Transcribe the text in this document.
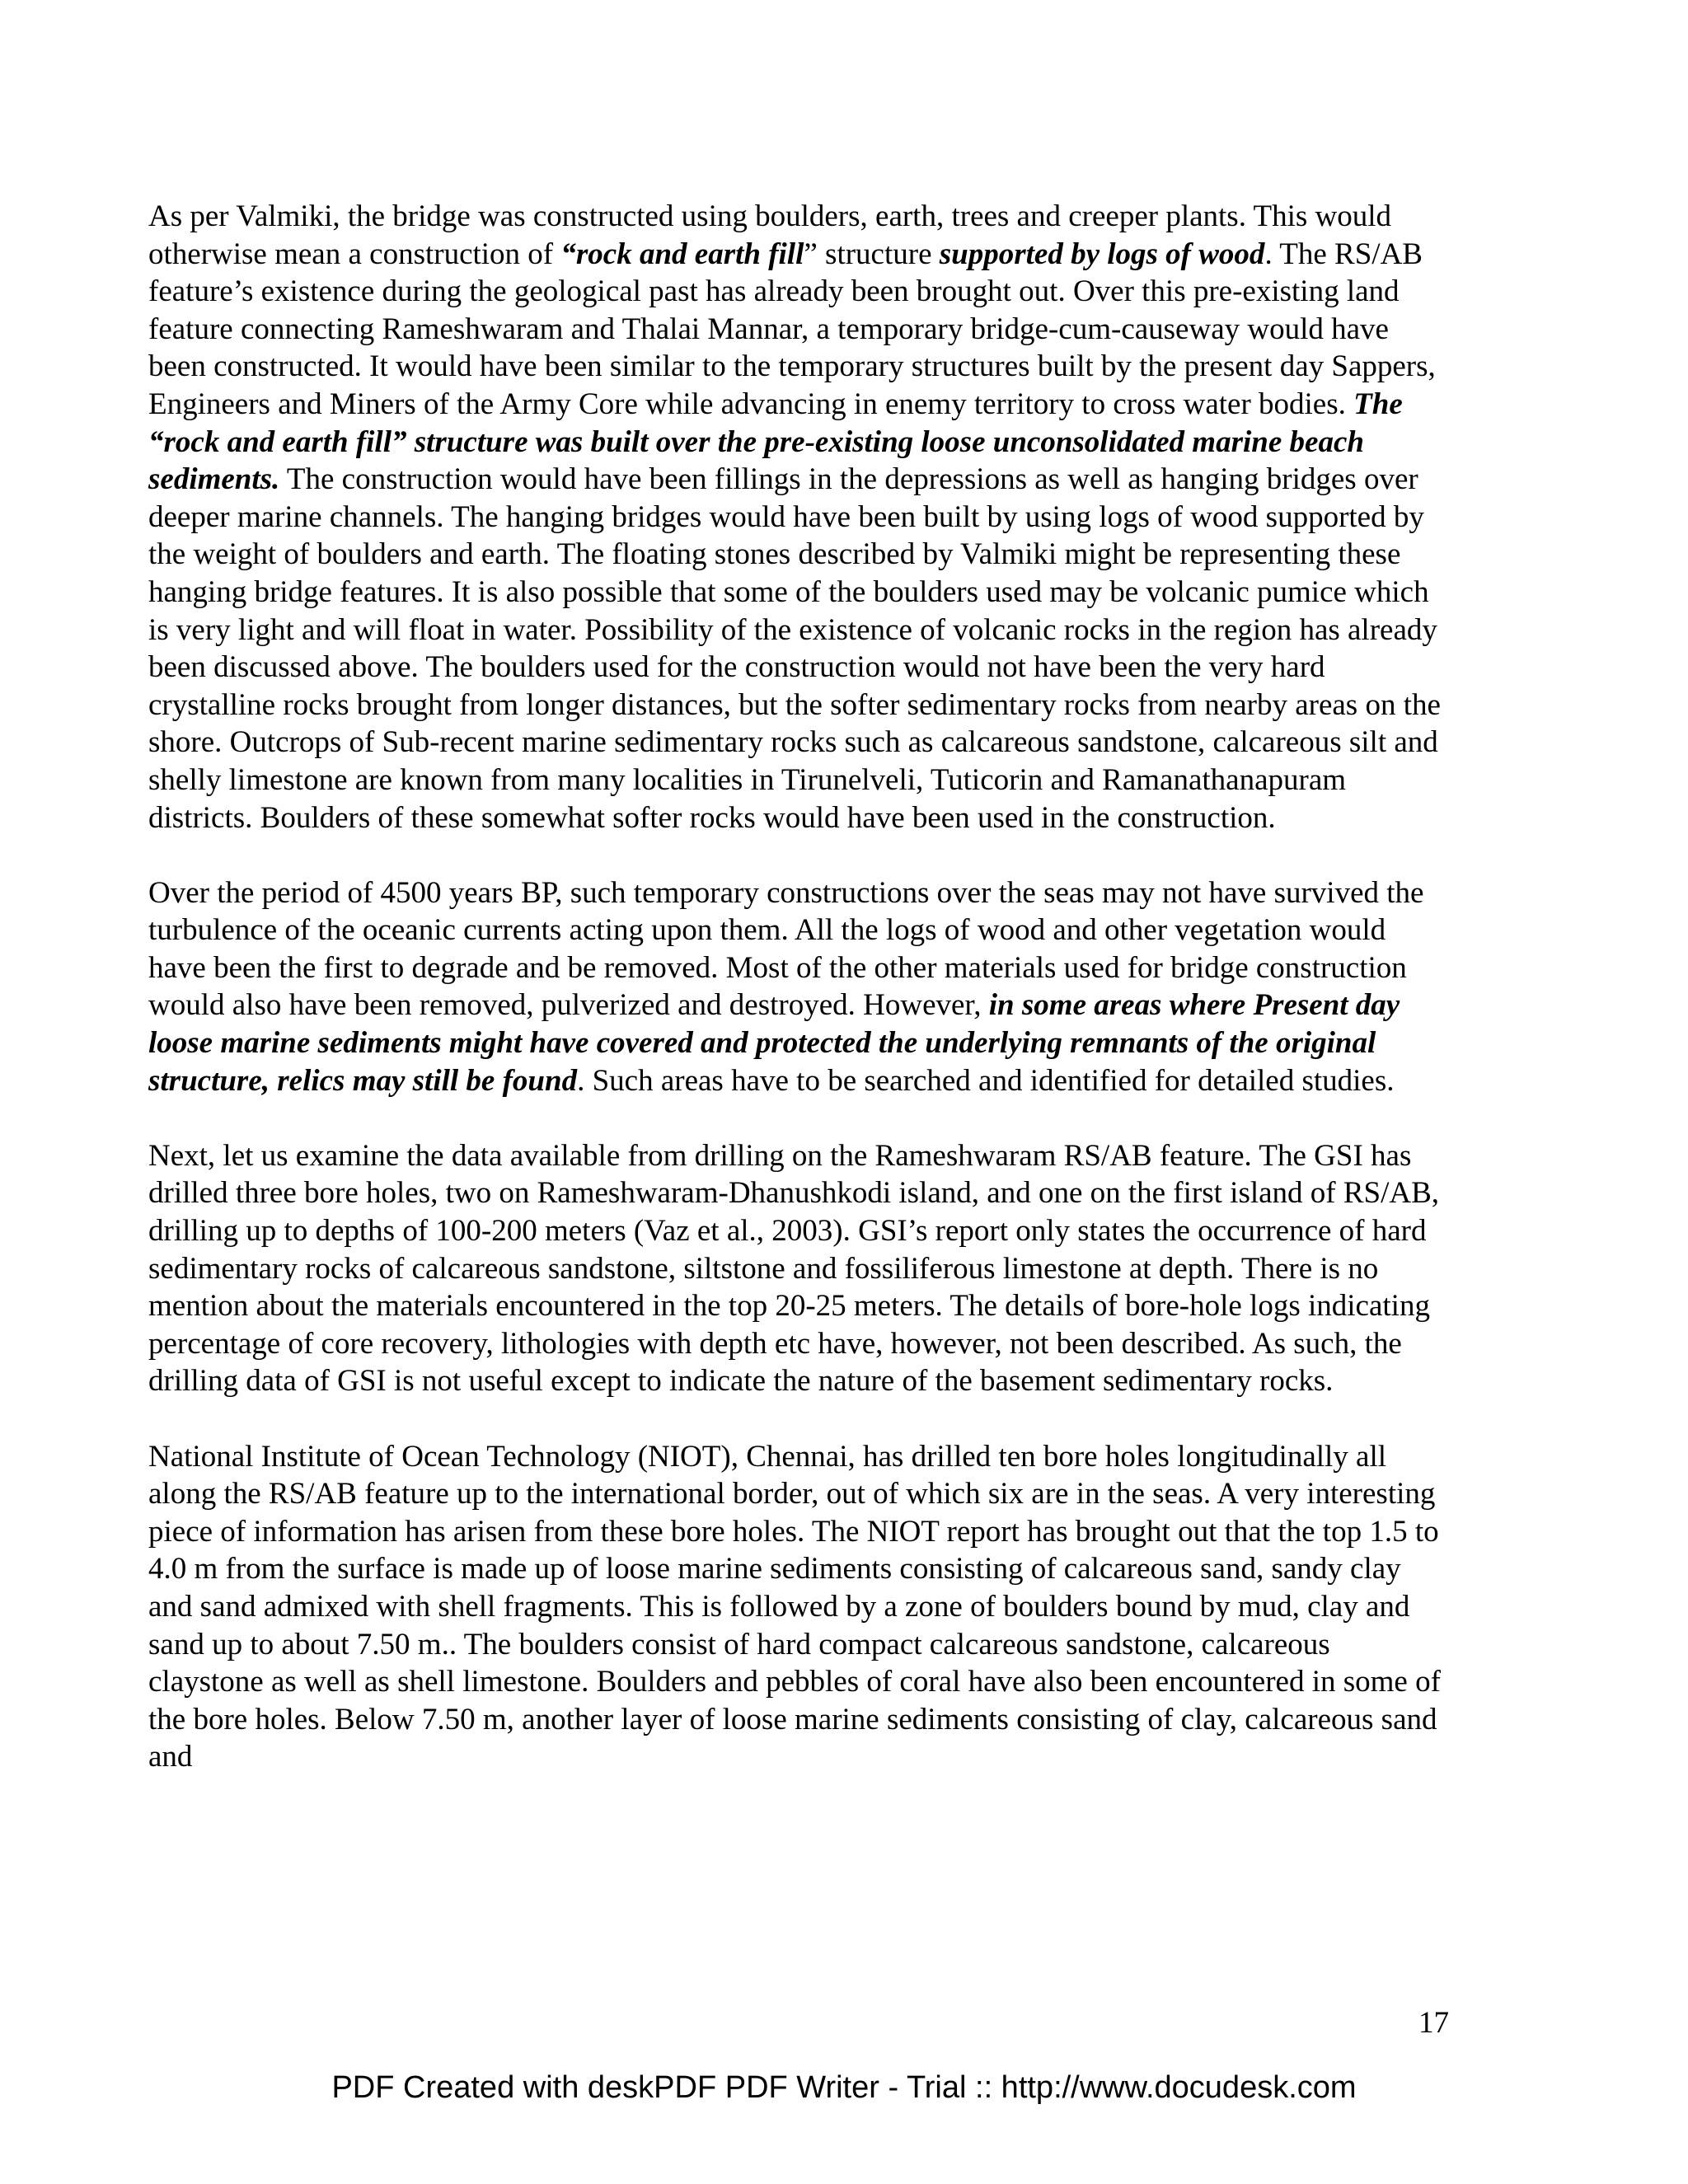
As per Valmiki, the bridge was constructed using boulders, earth, trees and creeper plants. This would otherwise mean a construction of “rock and earth fill” structure supported by logs of wood. The RS/AB feature’s existence during the geological past has already been brought out. Over this pre-existing land feature connecting Rameshwaram and Thalai Mannar, a temporary bridge-cum-causeway would have been constructed. It would have been similar to the temporary structures built by the present day Sappers, Engineers and Miners of the Army Core while advancing in enemy territory to cross water bodies. The “rock and earth fill” structure was built over the pre-existing loose unconsolidated marine beach sediments. The construction would have been fillings in the depressions as well as hanging bridges over deeper marine channels. The hanging bridges would have been built by using logs of wood supported by the weight of boulders and earth. The floating stones described by Valmiki might be representing these hanging bridge features. It is also possible that some of the boulders used may be volcanic pumice which is very light and will float in water. Possibility of the existence of volcanic rocks in the region has already been discussed above. The boulders used for the construction would not have been the very hard crystalline rocks brought from longer distances, but the softer sedimentary rocks from nearby areas on the shore. Outcrops of Sub-recent marine sedimentary rocks such as calcareous sandstone, calcareous silt and shelly limestone are known from many localities in Tirunelveli, Tuticorin and Ramanathanapuram districts. Boulders of these somewhat softer rocks would have been used in the construction.

Over the period of 4500 years BP, such temporary constructions over the seas may not have survived the turbulence of the oceanic currents acting upon them. All the logs of wood and other vegetation would have been the first to degrade and be removed. Most of the other materials used for bridge construction would also have been removed, pulverized and destroyed. However, in some areas where Present day loose marine sediments might have covered and protected the underlying remnants of the original structure, relics may still be found. Such areas have to be searched and identified for detailed studies.

Next, let us examine the data available from drilling on the Rameshwaram RS/AB feature. The GSI has drilled three bore holes, two on Rameshwaram-Dhanushkodi island, and one on the first island of RS/AB, drilling up to depths of 100-200 meters (Vaz et al., 2003). GSI’s report only states the occurrence of hard sedimentary rocks of calcareous sandstone, siltstone and fossiliferous limestone at depth. There is no mention about the materials encountered in the top 20-25 meters. The details of bore-hole logs indicating percentage of core recovery, lithologies with depth etc have, however, not been described. As such, the drilling data of GSI is not useful except to indicate the nature of the basement sedimentary rocks.

National Institute of Ocean Technology (NIOT), Chennai, has drilled ten bore holes longitudinally all along the RS/AB feature up to the international border, out of which six are in the seas. A very interesting piece of information has arisen from these bore holes. The NIOT report has brought out that the top 1.5 to 4.0 m from the surface is made up of loose marine sediments consisting of calcareous sand, sandy clay and sand admixed with shell fragments. This is followed by a zone of boulders bound by mud, clay and sand up to about 7.50 m.. The boulders consist of hard compact calcareous sandstone, calcareous claystone as well as shell limestone. Boulders and pebbles of coral have also been encountered in some of the bore holes. Below 7.50 m, another layer of loose marine sediments consisting of clay, calcareous sand and

17
PDF Created with deskPDF PDF Writer - Trial :: http://www.docudesk.com
